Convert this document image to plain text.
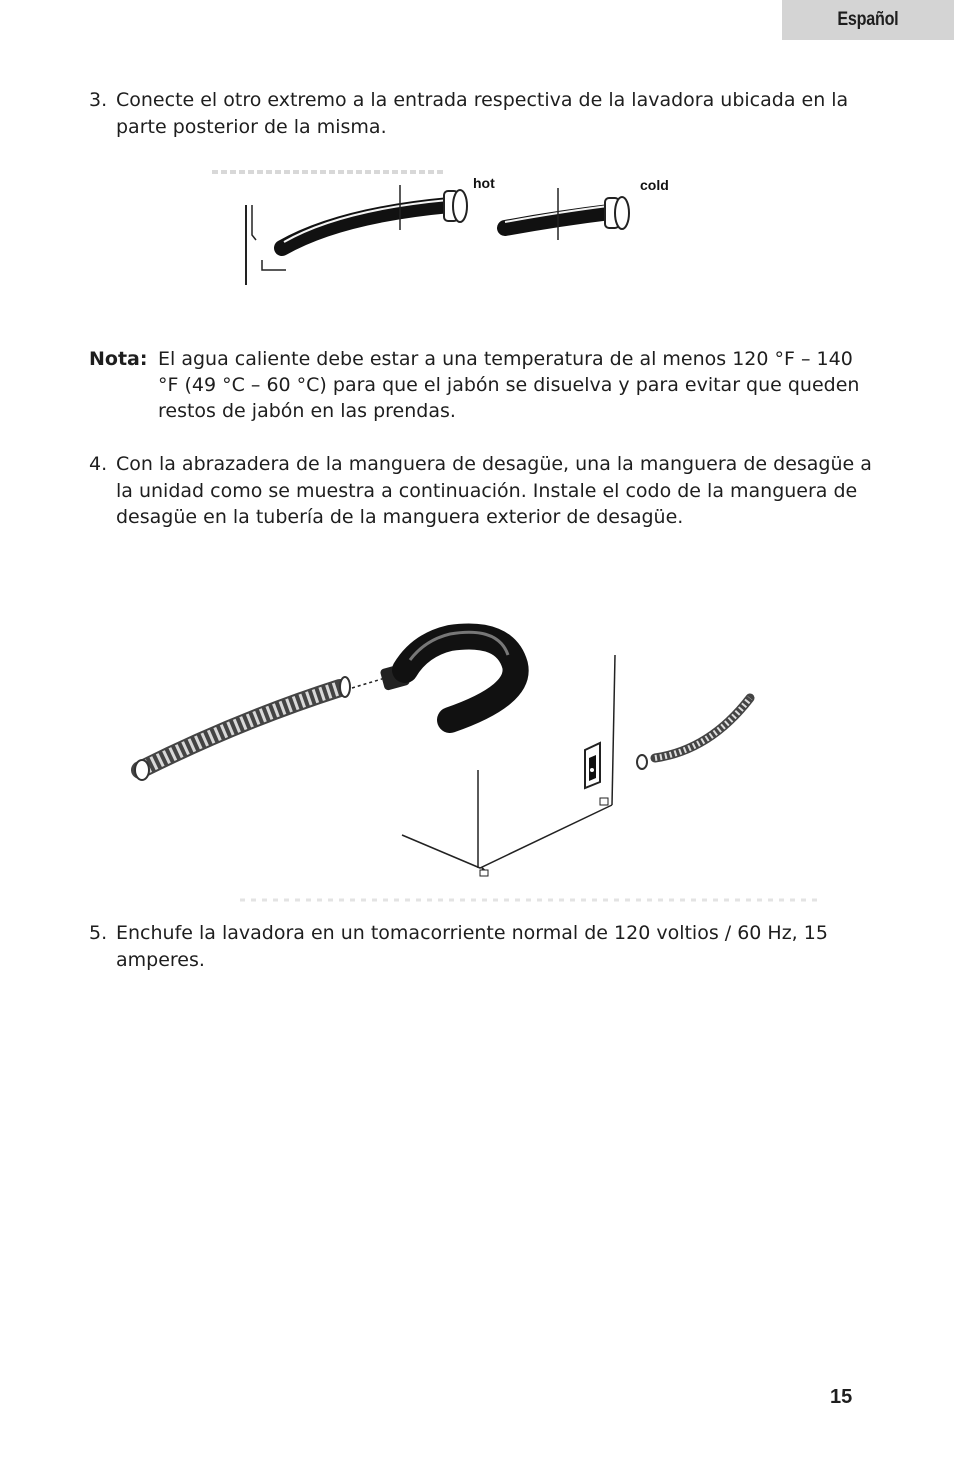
Español
3. Conecte el otro extremo a la entrada respectiva de la lavadora ubicada en la parte posterior de la misma.
hot	cold
Nota: El agua caliente debe estar a una temperatura de al menos 120 °F – 140 °F (49 °C – 60 °C) para que el jabón se disuelva y para evitar que queden restos de jabón en las prendas.
4. Con la abrazadera de la manguera de desagüe, una la manguera de desagüe a la unidad como se muestra a continuación. Instale el codo de la manguera de desagüe en la tubería de la manguera exterior de desagüe.
5. Enchufe la lavadora en un tomacorriente normal de 120 voltios / 60 Hz, 15 amperes.
15
